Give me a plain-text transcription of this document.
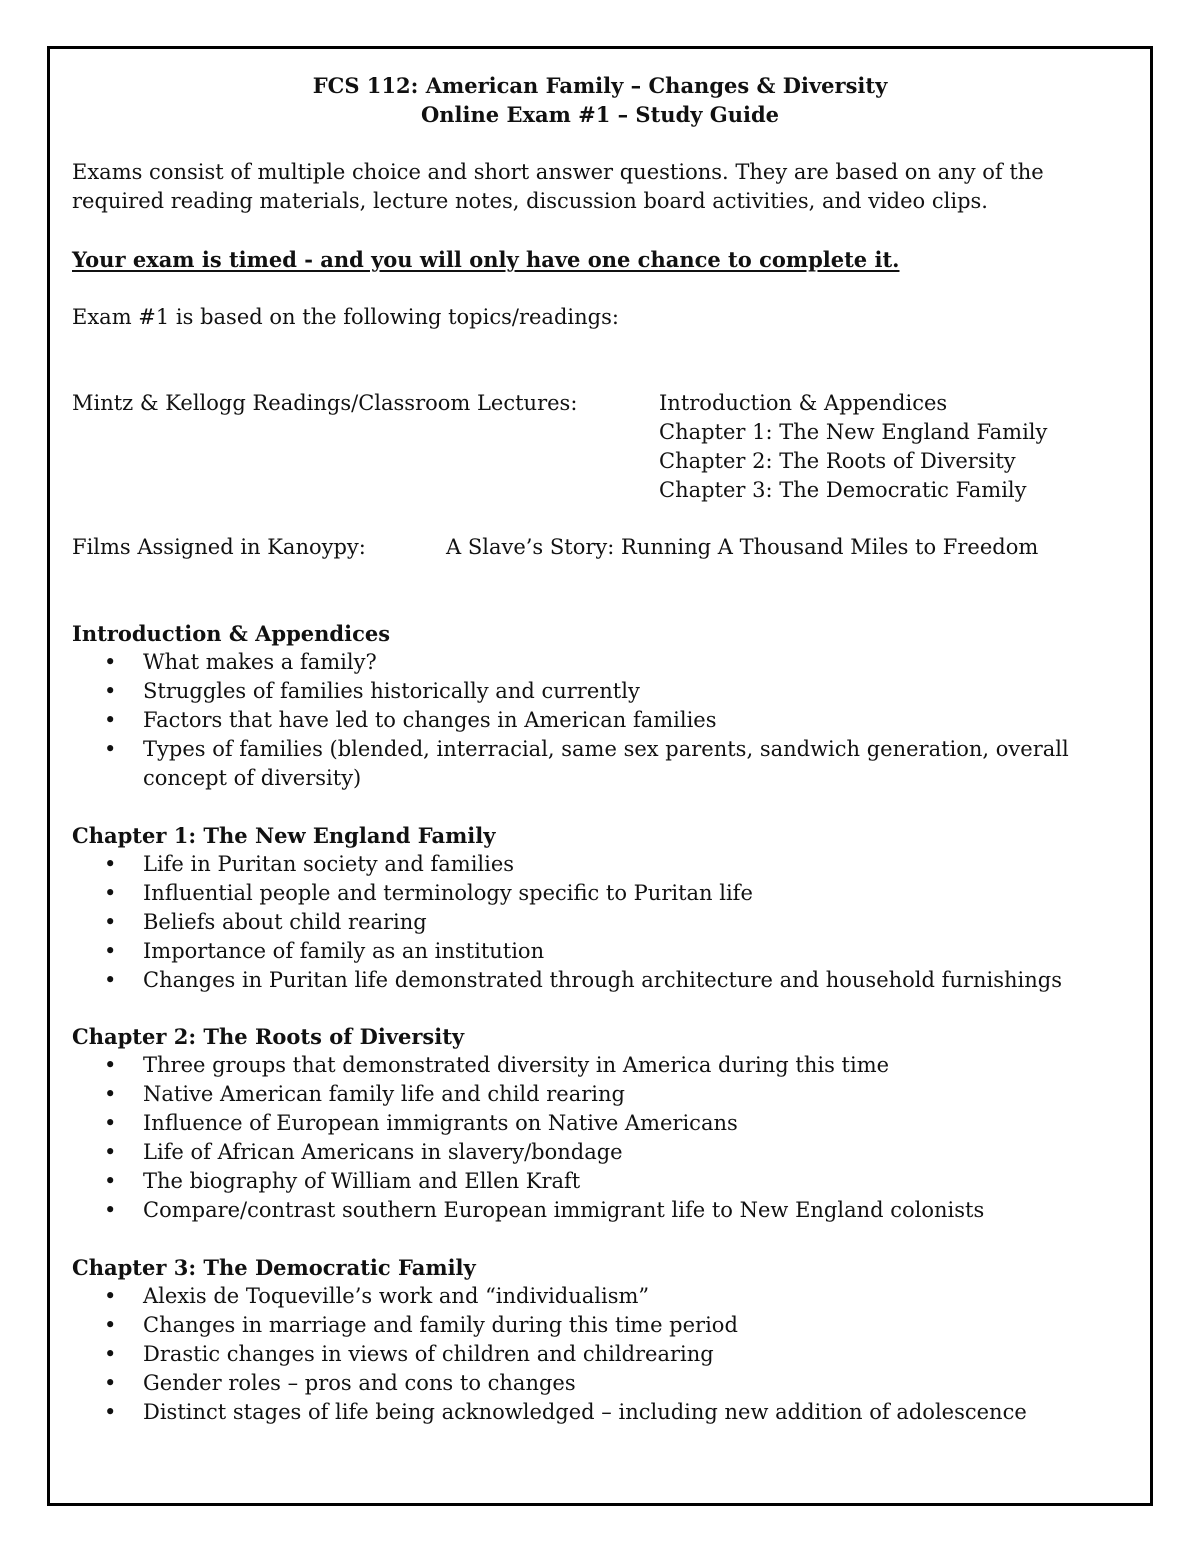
FCS 112: American Family – Changes & Diversity
Online Exam #1 – Study Guide
Exams consist of multiple choice and short answer questions. They are based on any of the required reading materials, lecture notes, discussion board activities, and video clips.
Your exam is timed - and you will only have one chance to complete it.
Exam #1 is based on the following topics/readings:
Mintz & Kellogg Readings/Classroom Lectures:	Introduction & Appendices
Chapter 1: The New England Family
Chapter 2: The Roots of Diversity
Chapter 3: The Democratic Family
Films Assigned in Kanoypy:	A Slave’s Story: Running A Thousand Miles to Freedom
Introduction & Appendices
• What makes a family?
• Struggles of families historically and currently
• Factors that have led to changes in American families
• Types of families (blended, interracial, same sex parents, sandwich generation, overall concept of diversity)
Chapter 1: The New England Family
• Life in Puritan society and families
• Influential people and terminology specific to Puritan life
• Beliefs about child rearing
• Importance of family as an institution
• Changes in Puritan life demonstrated through architecture and household furnishings
Chapter 2: The Roots of Diversity
• Three groups that demonstrated diversity in America during this time
• Native American family life and child rearing
• Influence of European immigrants on Native Americans
• Life of African Americans in slavery/bondage
• The biography of William and Ellen Kraft
• Compare/contrast southern European immigrant life to New England colonists
Chapter 3: The Democratic Family
• Alexis de Toqueville’s work and “individualism”
• Changes in marriage and family during this time period
• Drastic changes in views of children and childrearing
• Gender roles – pros and cons to changes
• Distinct stages of life being acknowledged – including new addition of adolescence
